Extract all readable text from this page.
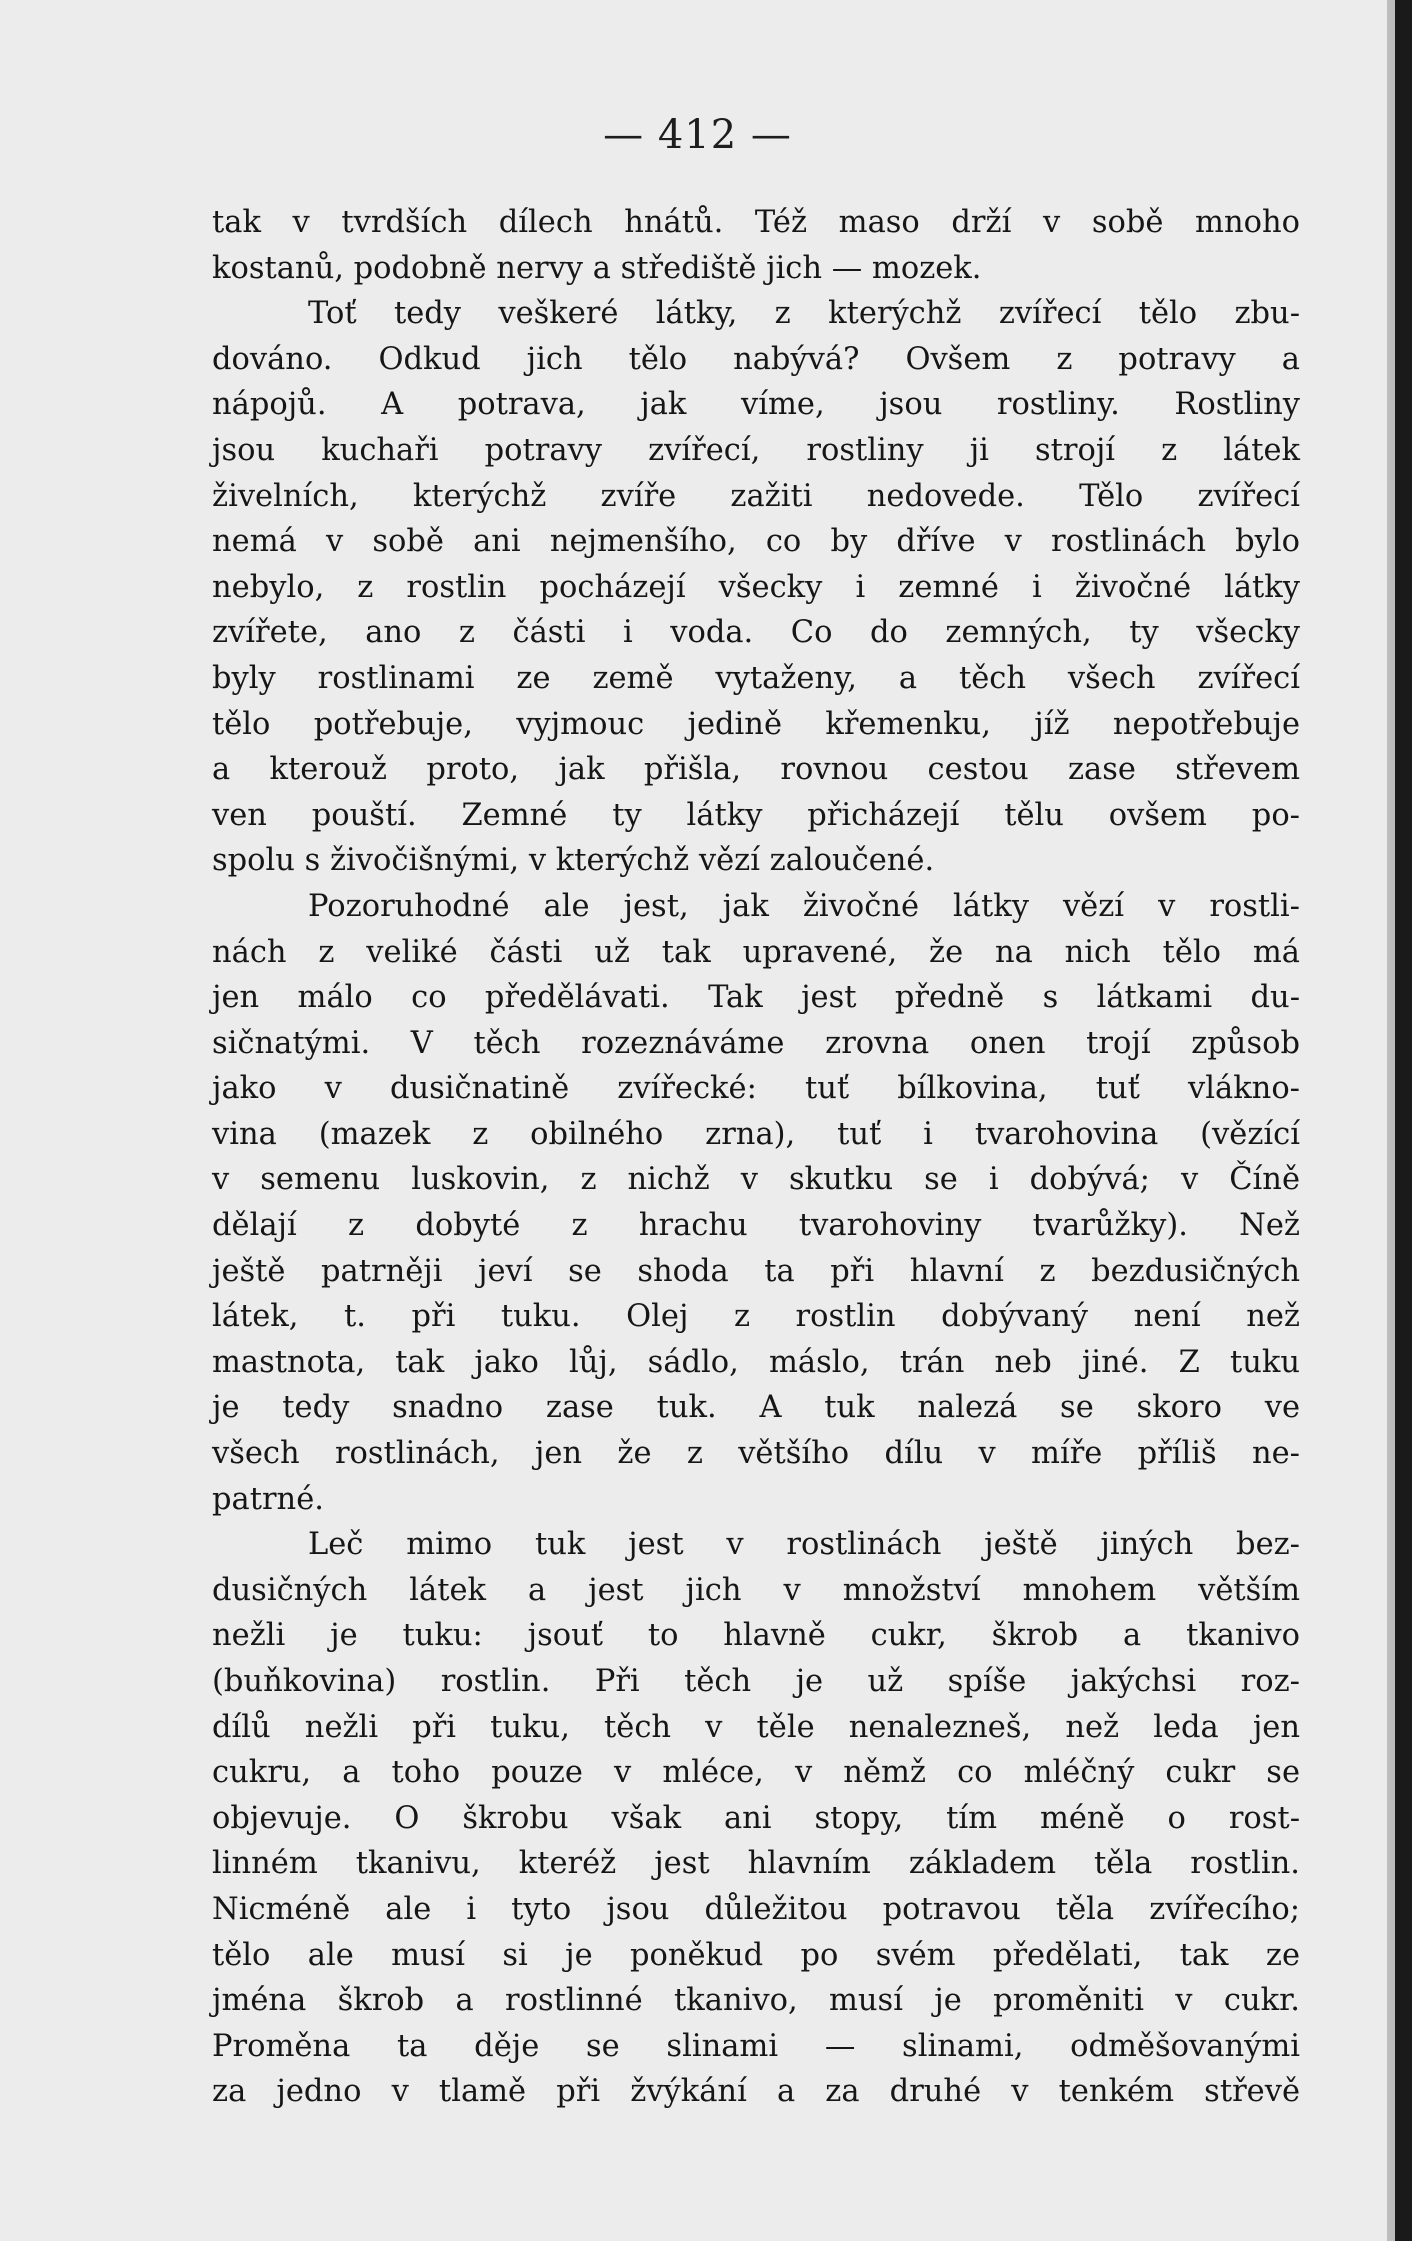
— 412 —
tak v tvrdších dílech hnátů. Též maso drží v sobě mnoho
kostanů, podobně nervy a střediště jich — mozek.
Toť tedy veškeré látky, z kterýchž zvířecí tělo zbu-
dováno. Odkud jich tělo nabývá? Ovšem z potravy a
nápojů. A potrava, jak víme, jsou rostliny. Rostliny
jsou kuchaři potravy zvířecí, rostliny ji strojí z látek
živelních, kterýchž zvíře zažiti nedovede. Tělo zvířecí
nemá v sobě ani nejmenšího, co by dříve v rostlinách bylo
nebylo, z rostlin pocházejí všecky i zemné i živočné látky
zvířete, ano z části i voda. Co do zemných, ty všecky
byly rostlinami ze země vytaženy, a těch všech zvířecí
tělo potřebuje, vyjmouc jedině křemenku, jíž nepotřebuje
a kterouž proto, jak přišla, rovnou cestou zase střevem
ven pouští. Zemné ty látky přicházejí tělu ovšem po-
spolu s živočišnými, v kterýchž vězí zaloučené.
Pozoruhodné ale jest, jak živočné látky vězí v rostli-
nách z veliké části už tak upravené, že na nich tělo má
jen málo co předělávati. Tak jest předně s látkami du-
sičnatými. V těch rozeznáváme zrovna onen trojí způsob
jako v dusičnatině zvířecké: tuť bílkovina, tuť vláknο-
vina (mazek z obilného zrna), tuť i tvarohovina (vězící
v semenu luskovin, z nichž v skutku se i dobývá; v Číně
dělají z dobyté z hrachu tvarohoviny tvarůžky). Než
ještě patrněji jeví se shoda ta při hlavní z bezdusičných
látek, t. při tuku. Olej z rostlin dobývaný není než
mastnota, tak jako lůj, sádlo, máslo, trán neb jiné. Z tuku
je tedy snadno zase tuk. A tuk nalezá se skoro ve
všech rostlinách, jen že z většího dílu v míře příliš ne-
patrné.
Leč mimo tuk jest v rostlinách ještě jiných bez-
dusičných látek a jest jich v množství mnohem větším
nežli je tuku: jsouť to hlavně cukr, škrob a tkanivo
(buňkovina) rostlin. Při těch je už spíše jakýchsi roz-
dílů nežli při tuku, těch v těle nenalezneš, než leda jen
cukru, a toho pouze v mléce, v němž co mléčný cukr se
objevuje. O škrobu však ani stopy, tím méně o rost-
linném tkanivu, kteréž jest hlavním základem těla rostlin.
Nicméně ale i tyto jsou důležitou potravou těla zvířecího;
tělo ale musí si je poněkud po svém předělati, tak ze
jména škrob a rostlinné tkanivo, musí je proměniti v cukr.
Proměna ta děje se slinami — slinami, odměšovanými
za jedno v tlamě při žvýkání a za druhé v tenkém střevě
